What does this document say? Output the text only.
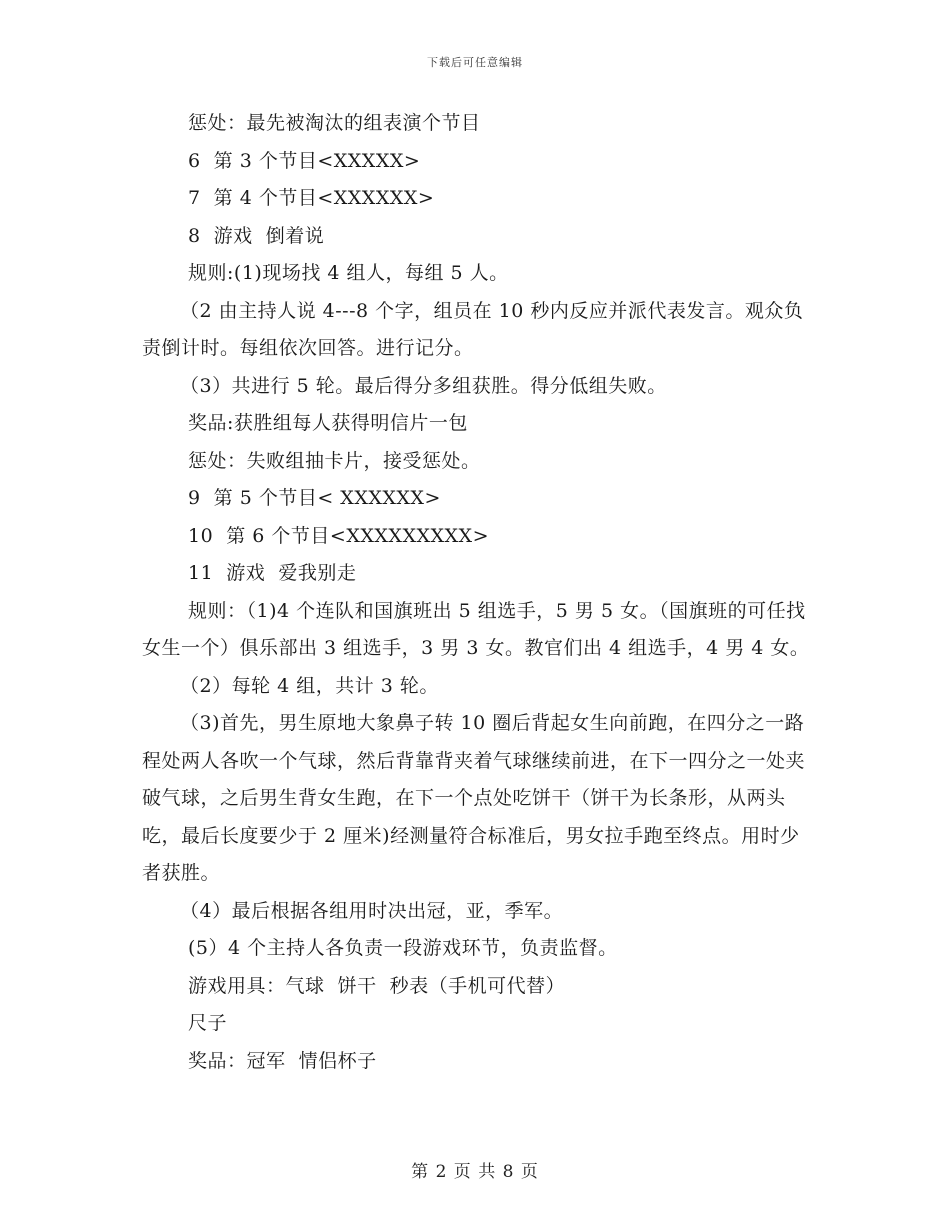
下载后可任意编辑

惩处：最先被淘汰的组表演个节目

6  第 3 个节目<XXXXX>

7  第 4 个节目<XXXXXX>

8  游戏  倒着说

规则:(1)现场找 4 组人，每组 5 人。

（2 由主持人说 4---8 个字，组员在 10 秒内反应并派代表发言。观众负责倒计时。每组依次回答。进行记分。

（3）共进行 5 轮。最后得分多组获胜。得分低组失败。

奖品:获胜组每人获得明信片一包

惩处：失败组抽卡片，接受惩处。

9  第 5 个节目< XXXXXX>

10  第 6 个节目<XXXXXXXXX>

11  游戏  爱我别走

规则：（1)4 个连队和国旗班出 5 组选手，5 男 5 女。（国旗班的可任找女生一个）俱乐部出 3 组选手，3 男 3 女。教官们出 4 组选手，4 男 4 女。

（2）每轮 4 组，共计 3 轮。

（3)首先，男生原地大象鼻子转 10 圈后背起女生向前跑，在四分之一路程处两人各吹一个气球，然后背靠背夹着气球继续前进，在下一四分之一处夹破气球，之后男生背女生跑，在下一个点处吃饼干（饼干为长条形，从两头吃，最后长度要少于 2 厘米)经测量符合标准后，男女拉手跑至终点。用时少者获胜。

（4）最后根据各组用时决出冠，亚，季军。

(5）4 个主持人各负责一段游戏环节，负责监督。

游戏用具：气球  饼干  秒表（手机可代替）

尺子

奖品：冠军  情侣杯子

第 2 页 共 8 页
